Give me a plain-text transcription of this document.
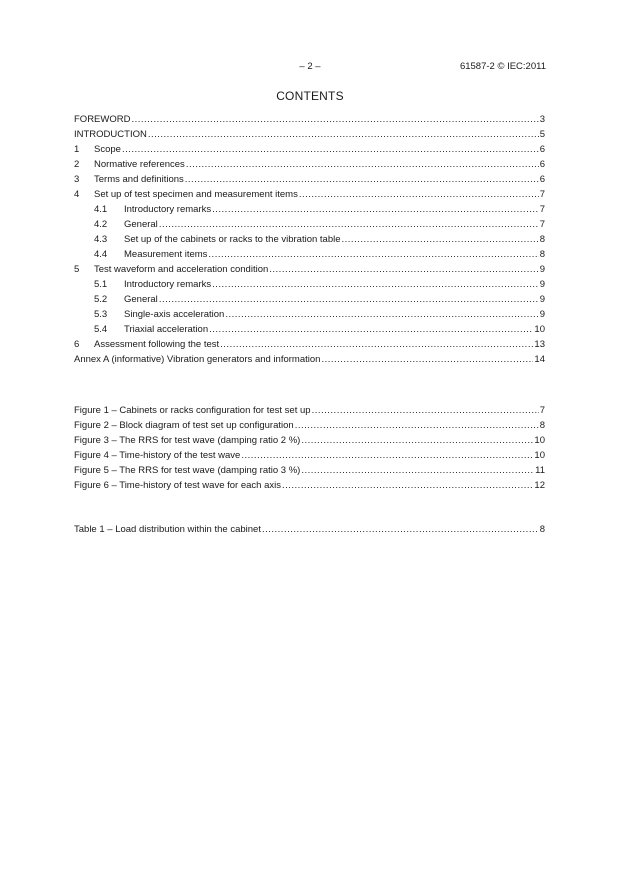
– 2 –	61587-2 © IEC:2011
CONTENTS
FOREWORD .....	3
INTRODUCTION .....	5
1	Scope .....	6
2	Normative references .....	6
3	Terms and definitions .....	6
4	Set up of test specimen and measurement items .....	7
4.1	Introductory remarks .....	7
4.2	General .....	7
4.3	Set up of the cabinets or racks to the vibration table .....	8
4.4	Measurement items .....	8
5	Test waveform and acceleration condition .....	9
5.1	Introductory remarks .....	9
5.2	General .....	9
5.3	Single-axis acceleration .....	9
5.4	Triaxial acceleration .....	10
6	Assessment following the test .....	13
Annex A (informative) Vibration generators and information .....	14
Figure 1 – Cabinets or racks configuration for test set up .....	7
Figure 2 – Block diagram of test set up configuration .....	8
Figure 3 – The RRS for test wave (damping ratio 2 %) .....	10
Figure 4 – Time-history of the test wave .....	10
Figure 5 – The RRS for test wave (damping ratio 3 %) .....	11
Figure 6 – Time-history of test wave for each axis .....	12
Table 1 – Load distribution within the cabinet .....	8
